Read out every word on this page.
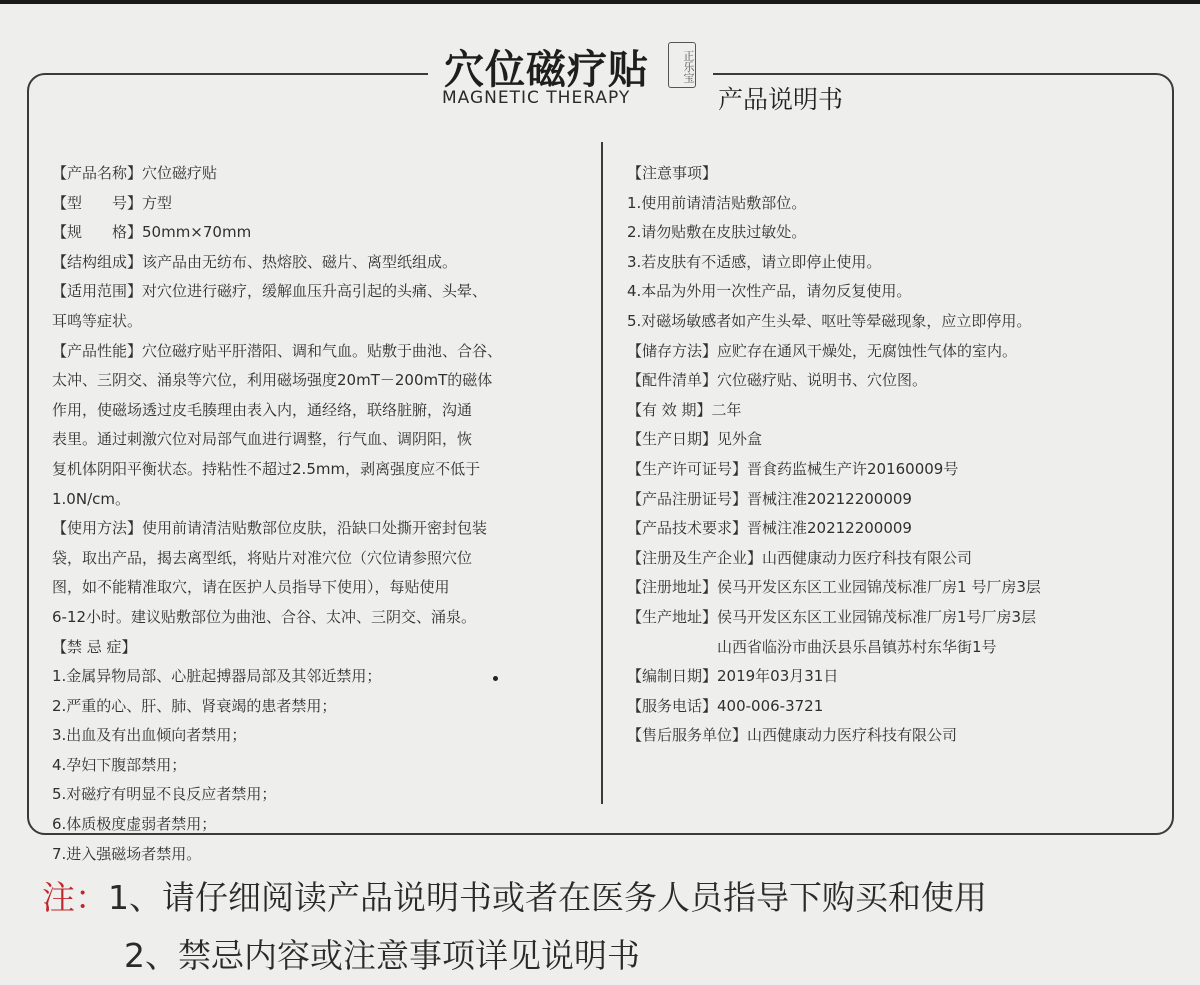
穴位磁疗贴	正乐宝
MAGNETIC THERAPY	产品说明书
【产品名称】穴位磁疗贴
【型　　号】方型
【规　　格】50mm×70mm
【结构组成】该产品由无纺布、热熔胶、磁片、离型纸组成。
【适用范围】对穴位进行磁疗，缓解血压升高引起的头痛、头晕、
耳鸣等症状。
【产品性能】穴位磁疗贴平肝潜阳、调和气血。贴敷于曲池、合谷、
太冲、三阴交、涌泉等穴位，利用磁场强度20mT－200mT的磁体
作用，使磁场透过皮毛腠理由表入内，通经络，联络脏腑，沟通
表里。通过刺激穴位对局部气血进行调整，行气血、调阴阳，恢
复机体阴阳平衡状态。持粘性不超过2.5mm，剥离强度应不低于
1.0N/cm。
【使用方法】使用前请清洁贴敷部位皮肤，沿缺口处撕开密封包装
袋，取出产品，揭去离型纸，将贴片对准穴位（穴位请参照穴位
图，如不能精准取穴，请在医护人员指导下使用），每贴使用
6-12小时。建议贴敷部位为曲池、合谷、太冲、三阴交、涌泉。
【禁 忌 症】
1.金属异物局部、心脏起搏器局部及其邻近禁用；
2.严重的心、肝、肺、肾衰竭的患者禁用；
3.出血及有出血倾向者禁用；
4.孕妇下腹部禁用；
5.对磁疗有明显不良反应者禁用；
6.体质极度虚弱者禁用；
7.进入强磁场者禁用。
【注意事项】
1.使用前请清洁贴敷部位。
2.请勿贴敷在皮肤过敏处。
3.若皮肤有不适感，请立即停止使用。
4.本品为外用一次性产品，请勿反复使用。
5.对磁场敏感者如产生头晕、呕吐等晕磁现象，应立即停用。
【储存方法】应贮存在通风干燥处，无腐蚀性气体的室内。
【配件清单】穴位磁疗贴、说明书、穴位图。
【有 效 期】二年
【生产日期】见外盒
【生产许可证号】晋食药监械生产许20160009号
【产品注册证号】晋械注准20212200009
【产品技术要求】晋械注准20212200009
【注册及生产企业】山西健康动力医疗科技有限公司
【注册地址】侯马开发区东区工业园锦茂标准厂房1 号厂房3层
【生产地址】侯马开发区东区工业园锦茂标准厂房1号厂房3层
　　　　　　山西省临汾市曲沃县乐昌镇苏村东华街1号
【编制日期】2019年03月31日
【服务电话】400-006-3721
【售后服务单位】山西健康动力医疗科技有限公司
注：1、请仔细阅读产品说明书或者在医务人员指导下购买和使用
2、禁忌内容或注意事项详见说明书
